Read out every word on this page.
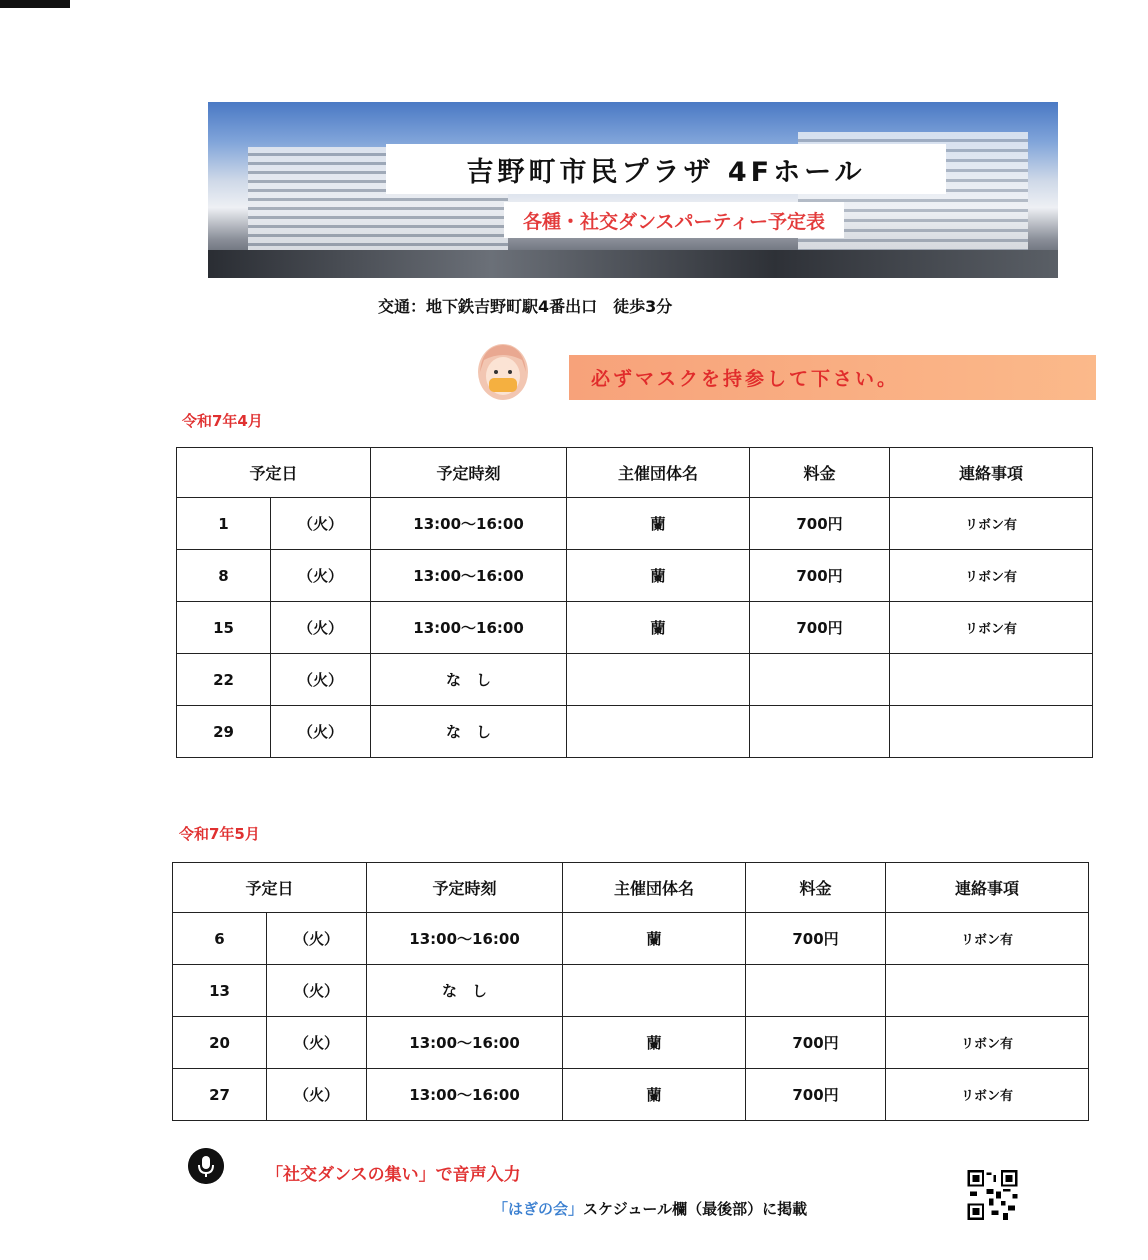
吉野町市民プラザ 4Fホール
各種・社交ダンスパーティー予定表
交通：地下鉄吉野町駅4番出口　徒歩3分
必ずマスクを持参して下さい。
令和7年4月
予定日		予定時刻	主催団体名	料金	連絡事項
1	（火）	13:00〜16:00	蘭	700円	リボン有
8	（火）	13:00〜16:00	蘭	700円	リボン有
15	（火）	13:00〜16:00	蘭	700円	リボン有
22	（火）	な　し			
29	（火）	な　し			
令和7年5月
予定日		予定時刻	主催団体名	料金	連絡事項
6	（火）	13:00〜16:00	蘭	700円	リボン有
13	（火）	な　し			
20	（火）	13:00〜16:00	蘭	700円	リボン有
27	（火）	13:00〜16:00	蘭	700円	リボン有
「社交ダンスの集い」で音声入力
「はぎの会」スケジュール欄（最後部）に掲載
